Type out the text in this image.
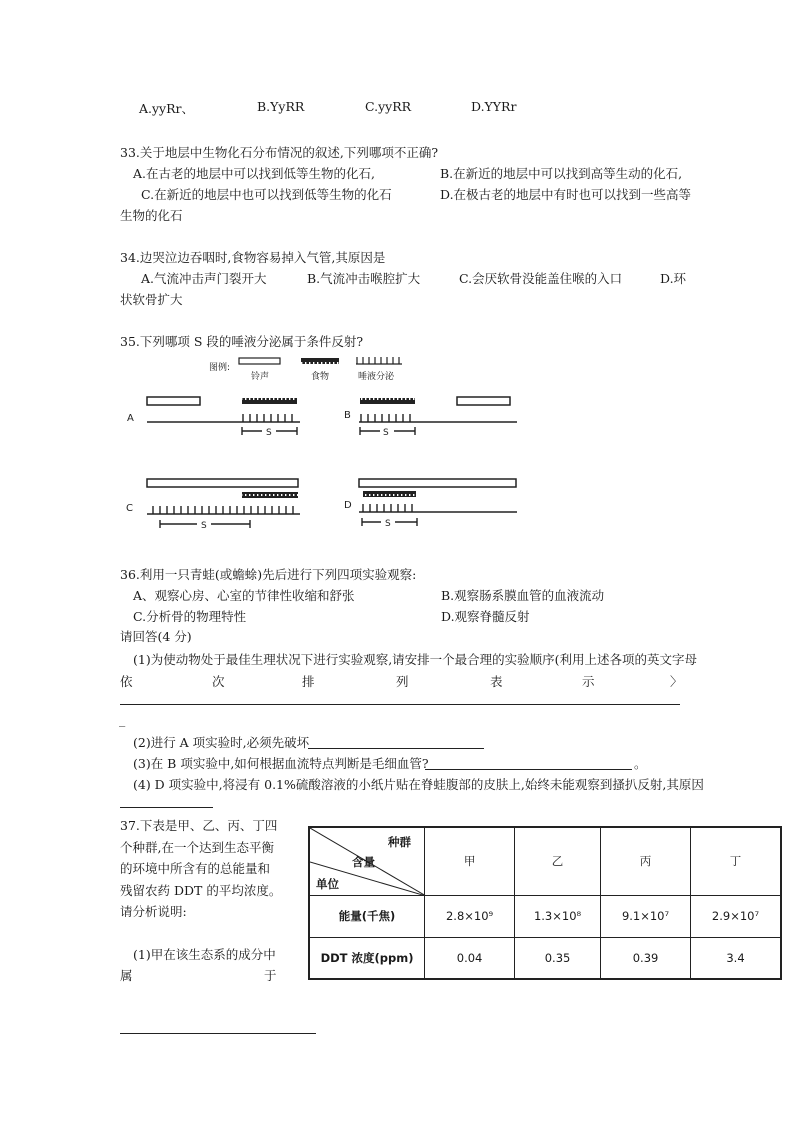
A.yyRr、	B.YyRR	C.yyRR	D.YYRr
33.关于地层中生物化石分布情况的叙述,下列哪项不正确?
A.在古老的地层中可以找到低等生物的化石,	B.在新近的地层中可以找到高等生动的化石,
C.在新近的地层中也可以找到低等生物的化石	D.在极古老的地层中有时也可以找到一些高等
生物的化石
34.边哭泣边吞咽时,食物容易掉入气管,其原因是
A.气流冲击声门裂开大	B.气流冲击喉腔扩大	C.会厌软骨没能盖住喉的入口	D.环
状软骨扩大
35.下列哪项 S 段的唾液分泌属于条件反射?
图例:
铃声	食物	唾液分泌
A
S
B
S
C
S
D
S
36.利用一只青蛙(或蟾蜍)先后进行下列四项实验观察:
A、观察心房、心室的节律性收缩和舒张	B.观察肠系膜血管的血液流动
C.分析骨的物理特性	D.观察脊髓反射
请回答(4 分)
(1)为使动物处于最佳生理状况下进行实验观察,请安排一个最合理的实验顺序(利用上述各项的英文字母
依	次	排	列	表	示	〉
_
(2)进行 A 项实验时,必须先破坏
(3)在 B 项实验中,如何根据血流特点判断是毛细血管?	。
(4) D 项实验中,将浸有 0.1%硫酸溶液的小纸片贴在脊蛙腹部的皮肤上,始终未能观察到搔扒反射,其原因
37.下表是甲、乙、丙、丁四
个种群,在一个达到生态平衡
的环境中所含有的总能量和
残留农药 DDT 的平均浓度。
请分析说明:
(1)甲在该生态系的成分中
属	于
种群
含量
单位	甲	乙	丙	丁
能量(千焦)	2.8×10⁹	1.3×10⁸	9.1×10⁷	2.9×10⁷
DDT 浓度(ppm)	0.04	0.35	0.39	3.4
